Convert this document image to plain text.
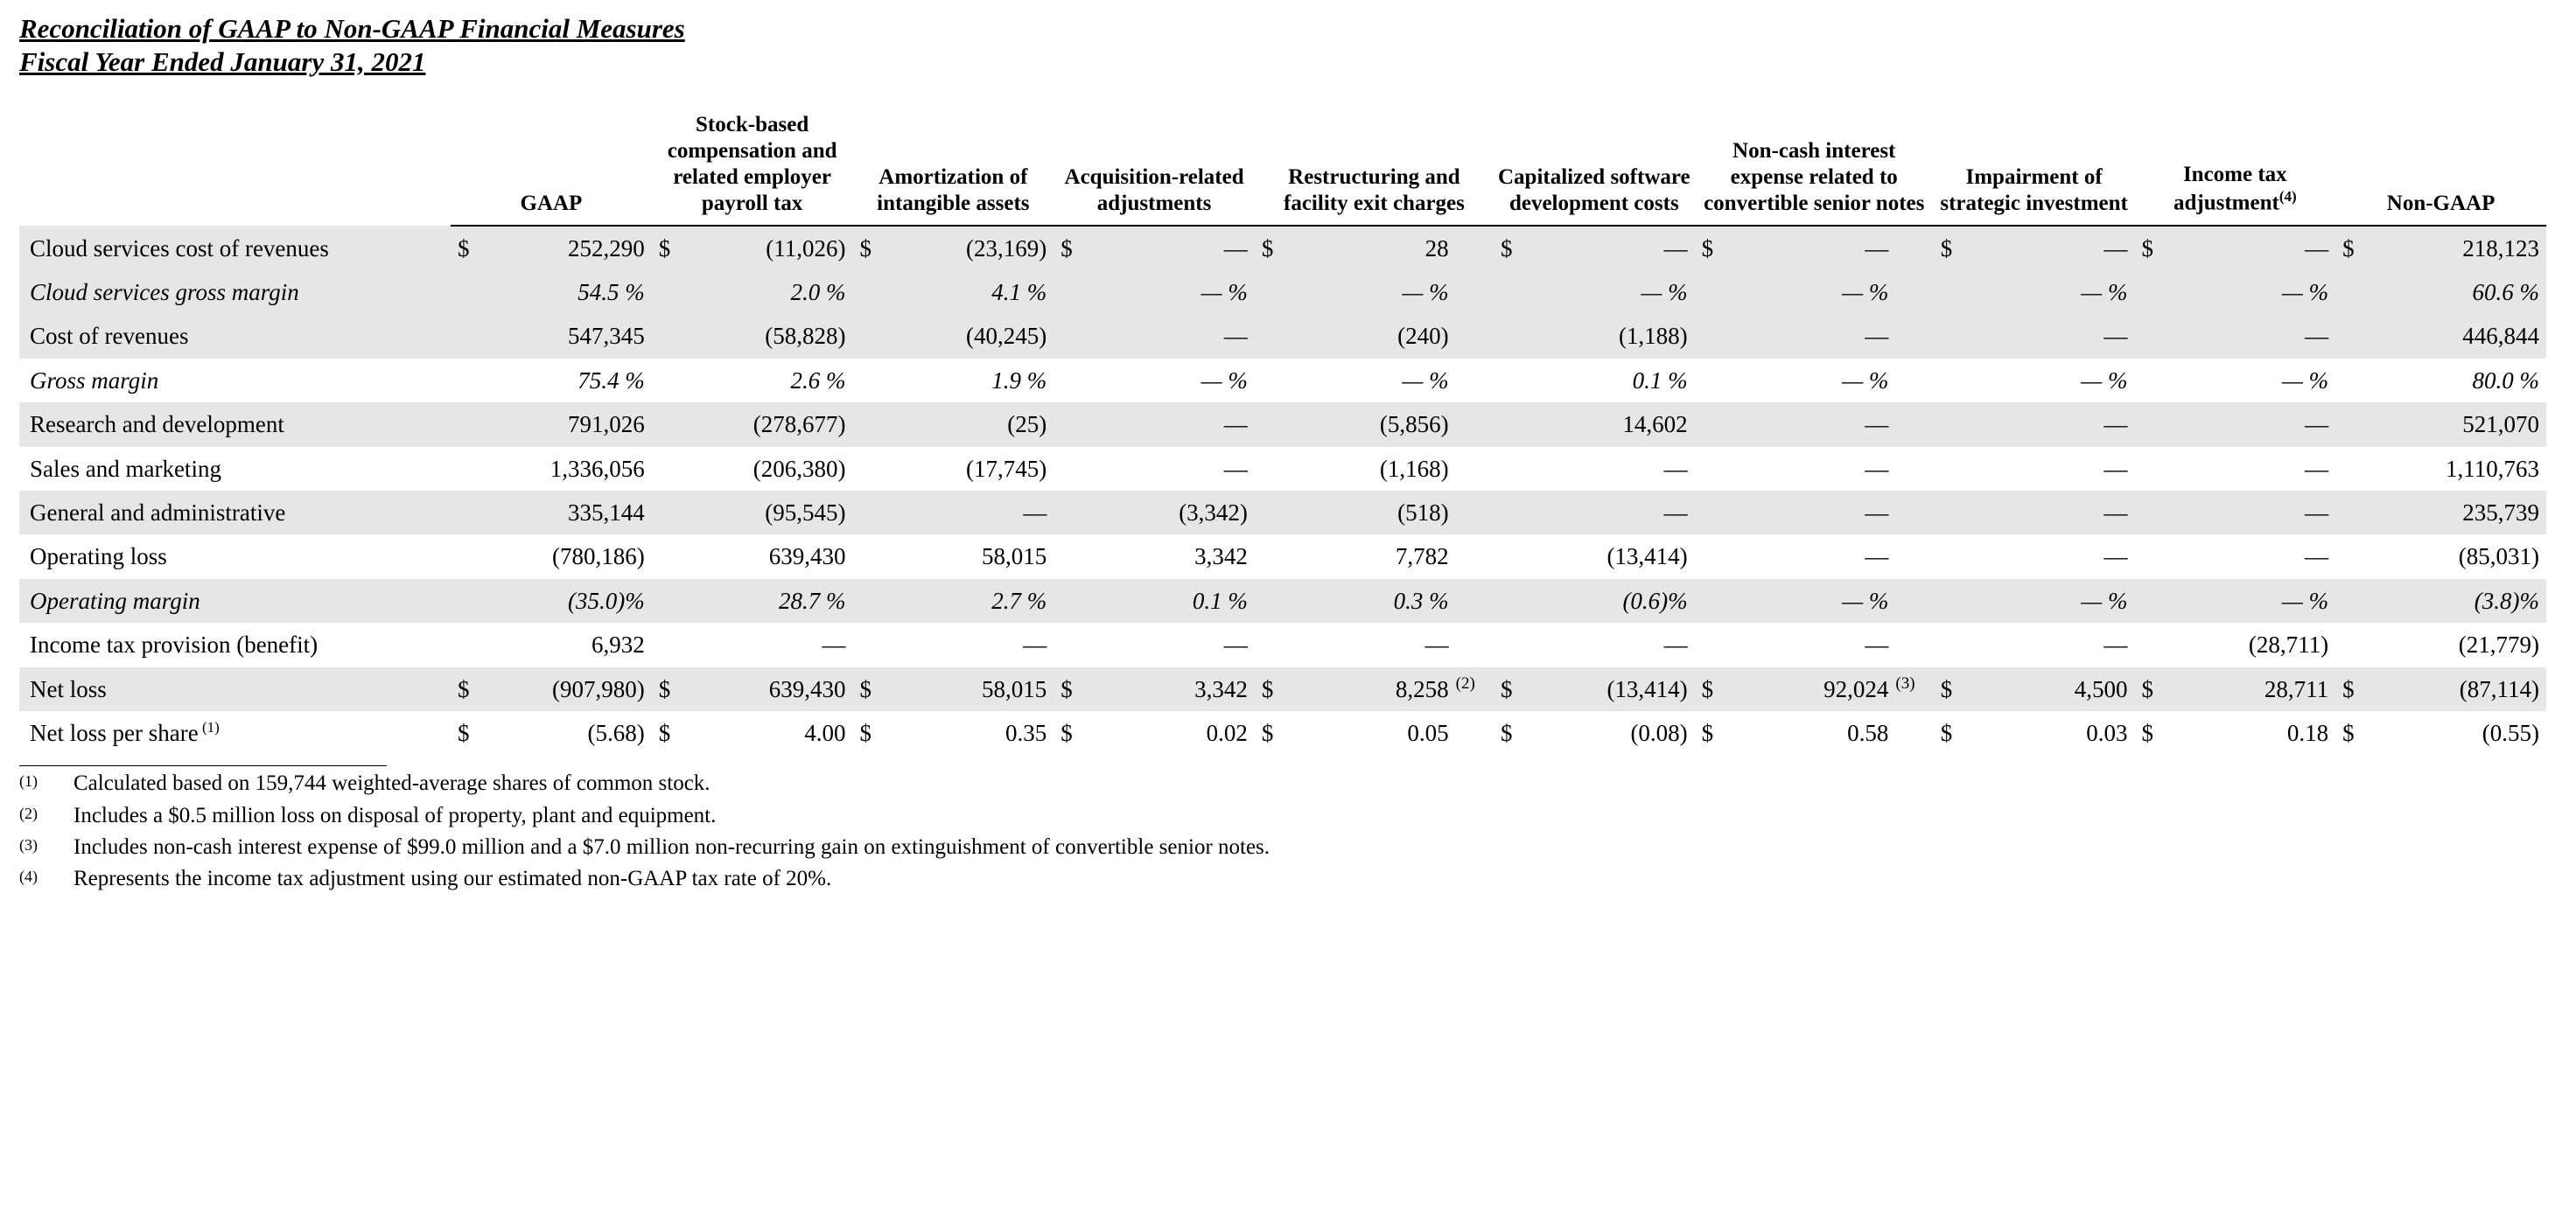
Reconciliation of GAAP to Non-GAAP Financial Measures
Fiscal Year Ended January 31, 2021

	GAAP		Stock-based compensation and related employer payroll tax		Amortization of intangible assets		Acquisition-related adjustments		Restructuring and facility exit charges			Capitalized software development costs		Non-cash interest expense related to convertible senior notes			Impairment of strategic investment		Income tax adjustment$^{(4)}$		Non-GAAP	

Cloud services cost of revenues	$	252,290	$	(11,026)	$	(23,169)	$	—	$	28		$	—	$	—		$	—	$	—	$	218,123
Cloud services gross margin		54.5 %		2.0 %		4.1 %		— %		— %			— %		— %			— %		— %		60.6 %
Cost of revenues		547,345		(58,828)		(40,245)		—		(240)			(1,188)		—			—		—		446,844
Gross margin		75.4 %		2.6 %		1.9 %		— %		— %			0.1 %		— %			— %		— %		80.0 %
Research and development		791,026		(278,677)		(25)		—		(5,856)			14,602		—			—		—		521,070
Sales and marketing		1,336,056		(206,380)		(17,745)		—		(1,168)			—		—			—		—		1,110,763
General and administrative		335,144		(95,545)		—		(3,342)		(518)			—		—			—		—		235,739
Operating loss		(780,186)		639,430		58,015		3,342		7,782			(13,414)		—			—		—		(85,031)
Operating margin		(35.0)%		28.7 %		2.7 %		0.1 %		0.3 %			(0.6)%		— %			— %		— %		(3.8)%
Income tax provision (benefit)		6,932		—		—		—		—			—		—			—		(28,711)		(21,779)
Net loss	$	(907,980)	$	639,430	$	58,015	$	3,342	$	8,258	(2)	$	(13,414)	$	92,024	(3)	$	4,500	$	28,711	$	(87,114)
Net loss per share $^{(1)}$	$	(5.68)	$	4.00	$	0.35	$	0.02	$	0.05		$	(0.08)	$	0.58		$	0.03	$	0.18	$	(0.55)
(1)	Calculated based on 159,744 weighted-average shares of common stock.
(2)	Includes a $0.5 million loss on disposal of property, plant and equipment.
(3)	Includes non-cash interest expense of $99.0 million and a $7.0 million non-recurring gain on extinguishment of convertible senior notes.
(4)	Represents the income tax adjustment using our estimated non-GAAP tax rate of 20%.
